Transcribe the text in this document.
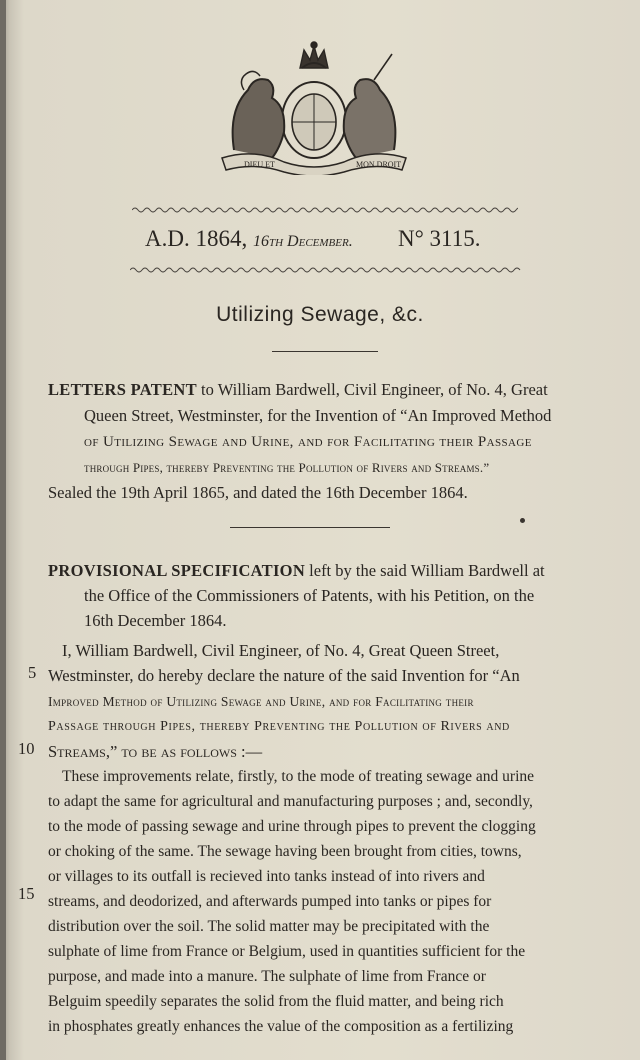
DIEU ET	MON DROIT
A.D. 1864, 16th December. N° 3115.
Utilizing Sewage, &c.
LETTERS PATENT to William Bardwell, Civil Engineer, of No. 4, Great
Queen Street, Westminster, for the Invention of “An Improved Method
of Utilizing Sewage and Urine, and for Facilitating their Passage
through Pipes, thereby Preventing the Pollution of Rivers and Streams.”
Sealed the 19th April 1865, and dated the 16th December 1864.
PROVISIONAL SPECIFICATION left by the said William Bardwell at
the Office of the Commissioners of Patents, with his Petition, on the
16th December 1864.
I, William Bardwell, Civil Engineer, of No. 4, Great Queen Street,
Westminster, do hereby declare the nature of the said Invention for “An
Improved Method of Utilizing Sewage and Urine, and for Facilitating their
Passage through Pipes, thereby Preventing the Pollution of Rivers and
Streams,” to be as follows :—
These improvements relate, firstly, to the mode of treating sewage and urine
to adapt the same for agricultural and manufacturing purposes ; and, secondly,
to the mode of passing sewage and urine through pipes to prevent the clogging
or choking of the same. The sewage having been brought from cities, towns,
or villages to its outfall is recieved into tanks instead of into rivers and
streams, and deodorized, and afterwards pumped into tanks or pipes for
distribution over the soil. The solid matter may be precipitated with the
sulphate of lime from France or Belgium, used in quantities sufficient for the
purpose, and made into a manure. The sulphate of lime from France or
Belguim speedily separates the solid from the fluid matter, and being rich
in phosphates greatly enhances the value of the composition as a fertilizing
5
10
15
